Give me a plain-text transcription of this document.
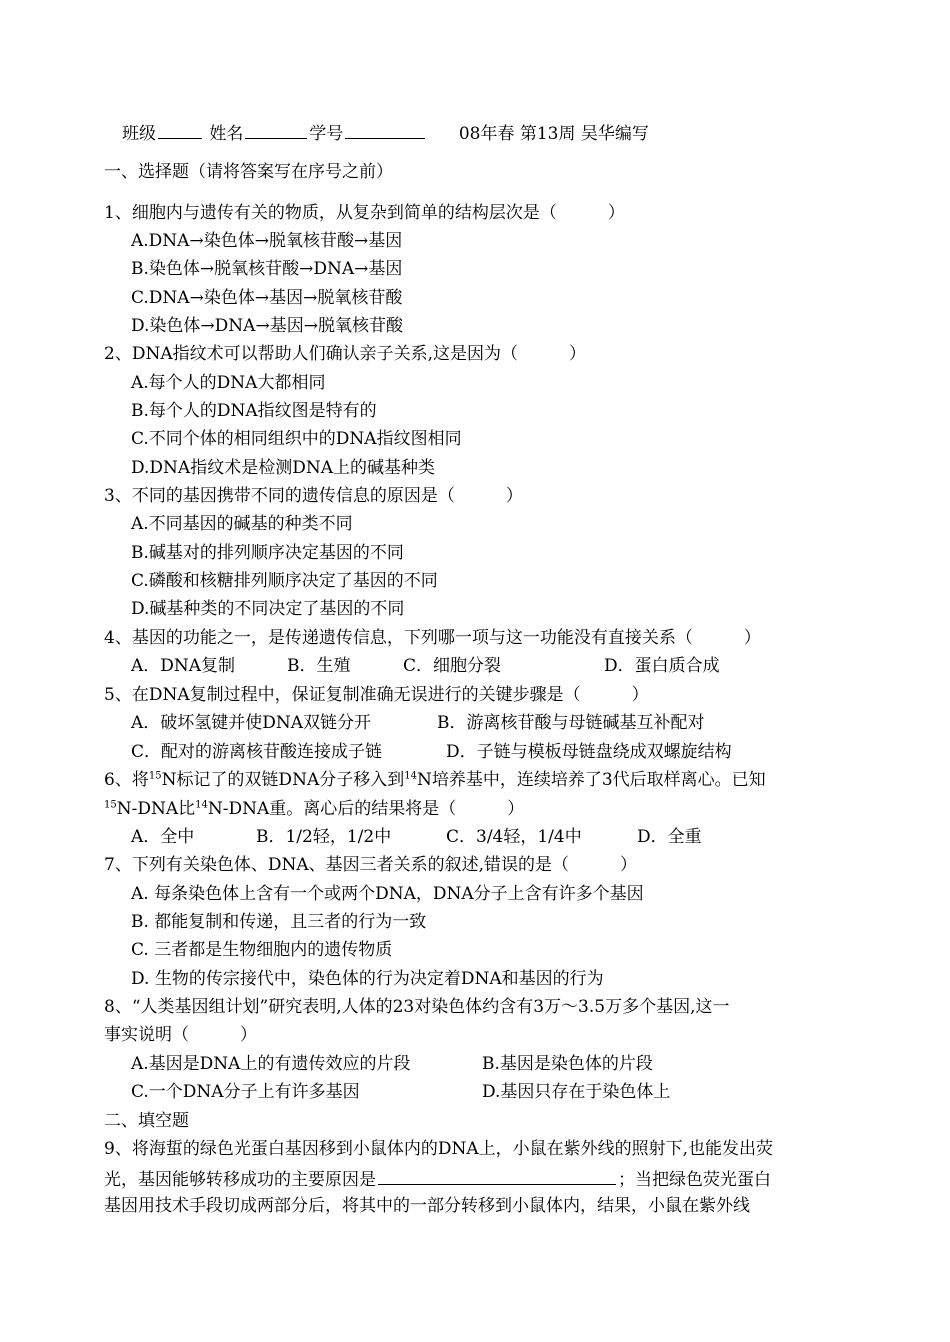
班级	姓名	学号	08年春 第13周 吴华编写
一、选择题（请将答案写在序号之前）
1、细胞内与遗传有关的物质，从复杂到简单的结构层次是（　　　）
A.DNA→染色体→脱氧核苷酸→基因
B.染色体→脱氧核苷酸→DNA→基因
C.DNA→染色体→基因→脱氧核苷酸
D.染色体→DNA→基因→脱氧核苷酸
2、DNA指纹术可以帮助人们确认亲子关系,这是因为（　　　）
A.每个人的DNA大都相同
B.每个人的DNA指纹图是特有的
C.不同个体的相同组织中的DNA指纹图相同
D.DNA指纹术是检测DNA上的碱基种类
3、不同的基因携带不同的遗传信息的原因是（　　　）
A.不同基因的碱基的种类不同
B.碱基对的排列顺序决定基因的不同
C.磷酸和核糖排列顺序决定了基因的不同
D.碱基种类的不同决定了基因的不同
4、基因的功能之一，是传递遗传信息，下列哪一项与这一功能没有直接关系（　　　）
A．DNA复制	B．生殖	C．细胞分裂	D．蛋白质合成
5、在DNA复制过程中，保证复制准确无误进行的关键步骤是（　　　）
A．破坏氢键并使DNA双链分开	B．游离核苷酸与母链碱基互补配对
C．配对的游离核苷酸连接成子链	D．子链与模板母链盘绕成双螺旋结构
6、将$^{15}$N标记了的双链DNA分子移入到$^{14}$N培养基中，连续培养了3代后取样离心。已知
$^{15}$N-DNA比$^{14}$N-DNA重。离心后的结果将是（　　　）
A．全中	B．1/2轻，1/2中	C．3/4轻，1/4中	D．全重
7、下列有关染色体、DNA、基因三者关系的叙述,错误的是（　　　）
A. 每条染色体上含有一个或两个DNA，DNA分子上含有许多个基因
B. 都能复制和传递，且三者的行为一致
C. 三者都是生物细胞内的遗传物质
D. 生物的传宗接代中，染色体的行为决定着DNA和基因的行为
8、“人类基因组计划”研究表明,人体的23对染色体约含有3万～3.5万多个基因,这一
事实说明（　　　）
A.基因是DNA上的有遗传效应的片段	B.基因是染色体的片段
C.一个DNA分子上有许多基因	D.基因只存在于染色体上
二、填空题
9、将海蜇的绿色光蛋白基因移到小鼠体内的DNA上，小鼠在紫外线的照射下,也能发出荧
光，基因能够转移成功的主要原因是	；当把绿色荧光蛋白
基因用技术手段切成两部分后，将其中的一部分转移到小鼠体内，结果，小鼠在紫外线
